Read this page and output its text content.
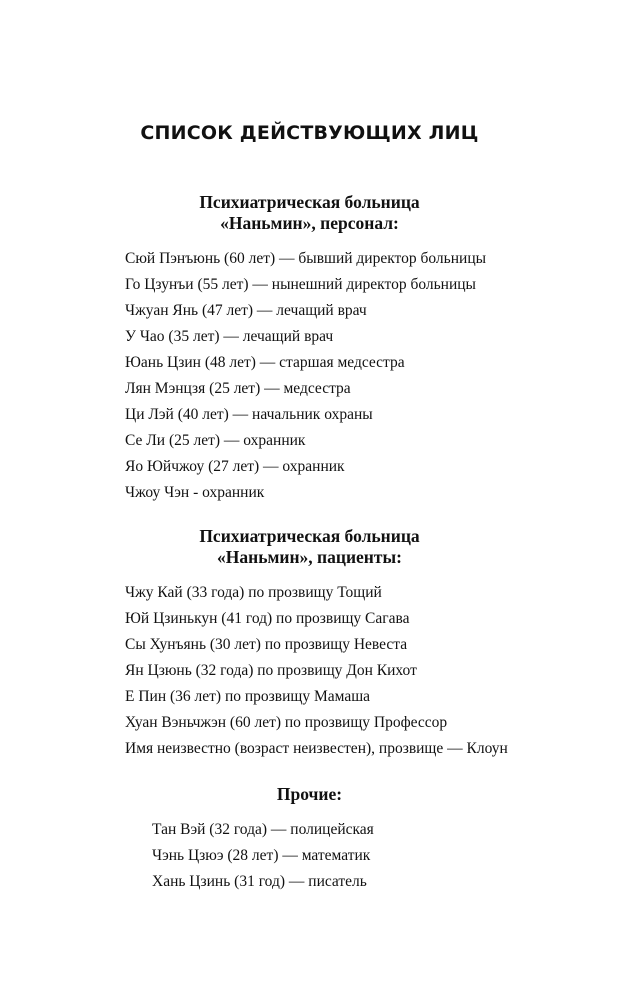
СПИСОК ДЕЙСТВУЮЩИХ ЛИЦ
Психиатрическая больница
«Наньмин», персонал:
Сюй Пэнъюнь (60 лет) — бывший директор больницы
Го Цзунъи (55 лет) — нынешний директор больницы
Чжуан Янь (47 лет) — лечащий врач
У Чао (35 лет) — лечащий врач
Юань Цзин (48 лет) — старшая медсестра
Лян Мэнцзя (25 лет) — медсестра
Ци Лэй (40 лет) — начальник охраны
Се Ли (25 лет) — охранник
Яо Юйчжоу (27 лет) — охранник
Чжоу Чэн - охранник
Психиатрическая больница
«Наньмин», пациенты:
Чжу Кай (33 года) по прозвищу Тощий
Юй Цзинькун (41 год) по прозвищу Сагава
Сы Хунъянь (30 лет) по прозвищу Невеста
Ян Цзюнь (32 года) по прозвищу Дон Кихот
Е Пин (36 лет) по прозвищу Мамаша
Хуан Вэньчжэн (60 лет) по прозвищу Профессор
Имя неизвестно (возраст неизвестен), прозвище — Клоун
Прочие:
Тан Вэй (32 года) — полицейская
Чэнь Цзюэ (28 лет) — математик
Хань Цзинь (31 год) — писатель
